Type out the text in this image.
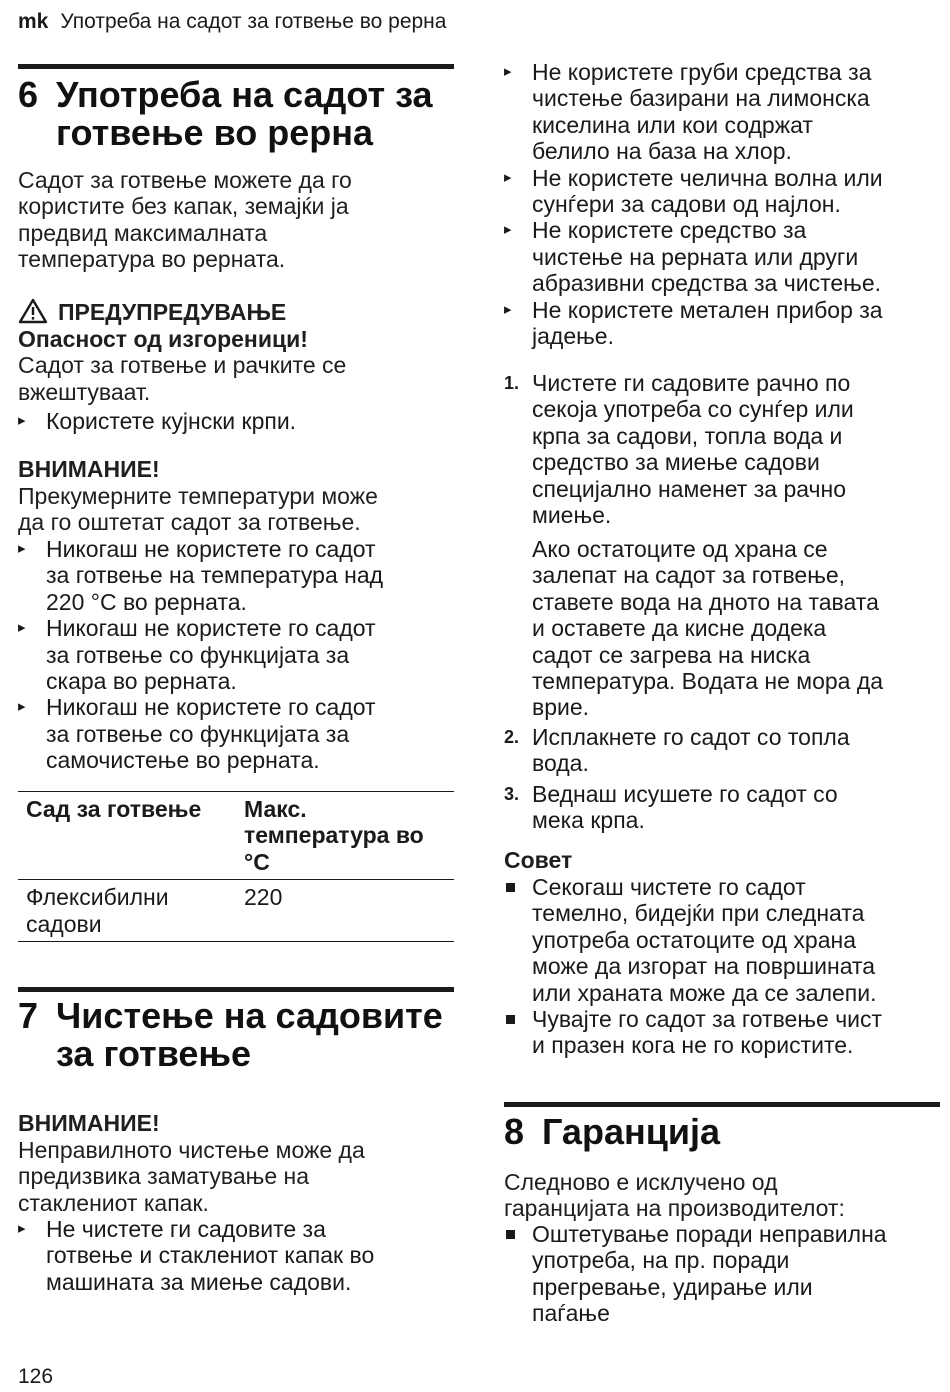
mk Употреба на садот за готвење во рерна
6 Употреба на садот за
готвење во рерна
Садот за готвење можете да го
користите без капак, земајќи ја
предвид максималната
температура во рерната.
ПРЕДУПРЕДУВАЊЕ
Опасност од изгореници!
Садот за готвење и рачките се
вжештуваат.
▸ Користете кујнски крпи.
ВНИМАНИЕ!
Прекумерните температури може
да го оштетат садот за готвење.
▸ Никогаш не користете го садот
за готвење на температура над
220 °C во рерната.
▸ Никогаш не користете го садот
за готвење со функцијата за
скара во рерната.
▸ Никогаш не користете го садот
за готвење со функцијата за
самочистење во рерната.
Сад за готвење	Макс.
температура во
°C

Флексибилни
садови	220
7 Чистење на садовите
за готвење
ВНИМАНИЕ!
Неправилното чистење може да
предизвика заматување на
стаклениот капак.
▸ Не чистете ги садовите за
готвење и стаклениот капак во
машината за миење садови.
▸ Не користете груби средства за
чистење базирани на лимонска
киселина или кои содржат
белило на база на хлор.
▸ Не користете челична волна или
сунѓери за садови од најлон.
▸ Не користете средство за
чистење на рерната или други
абразивни средства за чистење.
▸ Не користете метален прибор за
јадење.
1. Чистете ги садовите рачно по
секоја употреба со сунѓер или
крпа за садови, топла вода и
средство за миење садови
специјално наменет за рачно
миење.
Ако остатоците од храна се
залепат на садот за готвење,
ставете вода на дното на тавата
и оставете да кисне додека
садот се загрева на ниска
температура. Водата не мора да
врие.
2. Исплакнете го садот со топла
вода.
3. Веднаш исушете го садот со
мека крпа.
Совет
Секогаш чистете го садот
темелно, бидејќи при следната
употреба остатоците од храна
може да изгорат на површината
или храната може да се залепи.
Чувајте го садот за готвење чист
и празен кога не го користите.
8 Гаранција
Следново е исклучено од
гаранцијата на производителот:
Оштетување поради неправилна
употреба, на пр. поради
прегревање, удирање или
паѓање
126
